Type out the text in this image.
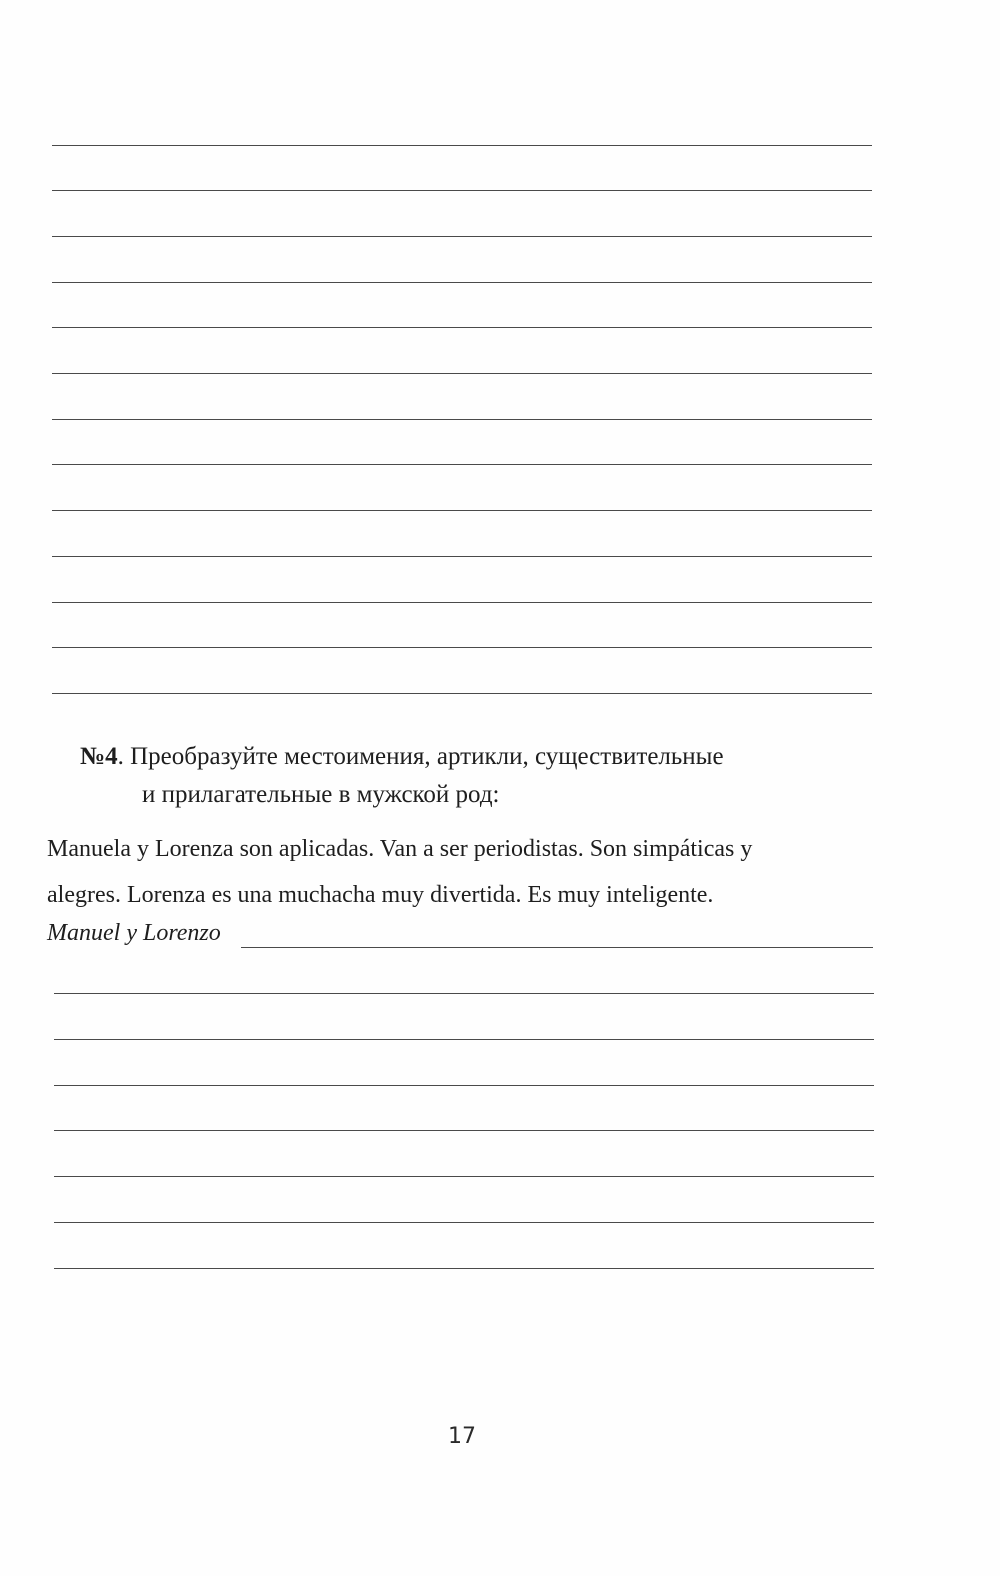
№4. Преобразуйте местоимения, артикли, существительные
и прилагательные в мужской род:
Manuela y Lorenza son aplicadas. Van a ser periodistas. Son simpáticas y
alegres. Lorenza es una muchacha muy divertida. Es muy inteligente.
Manuel y Lorenzo
17
